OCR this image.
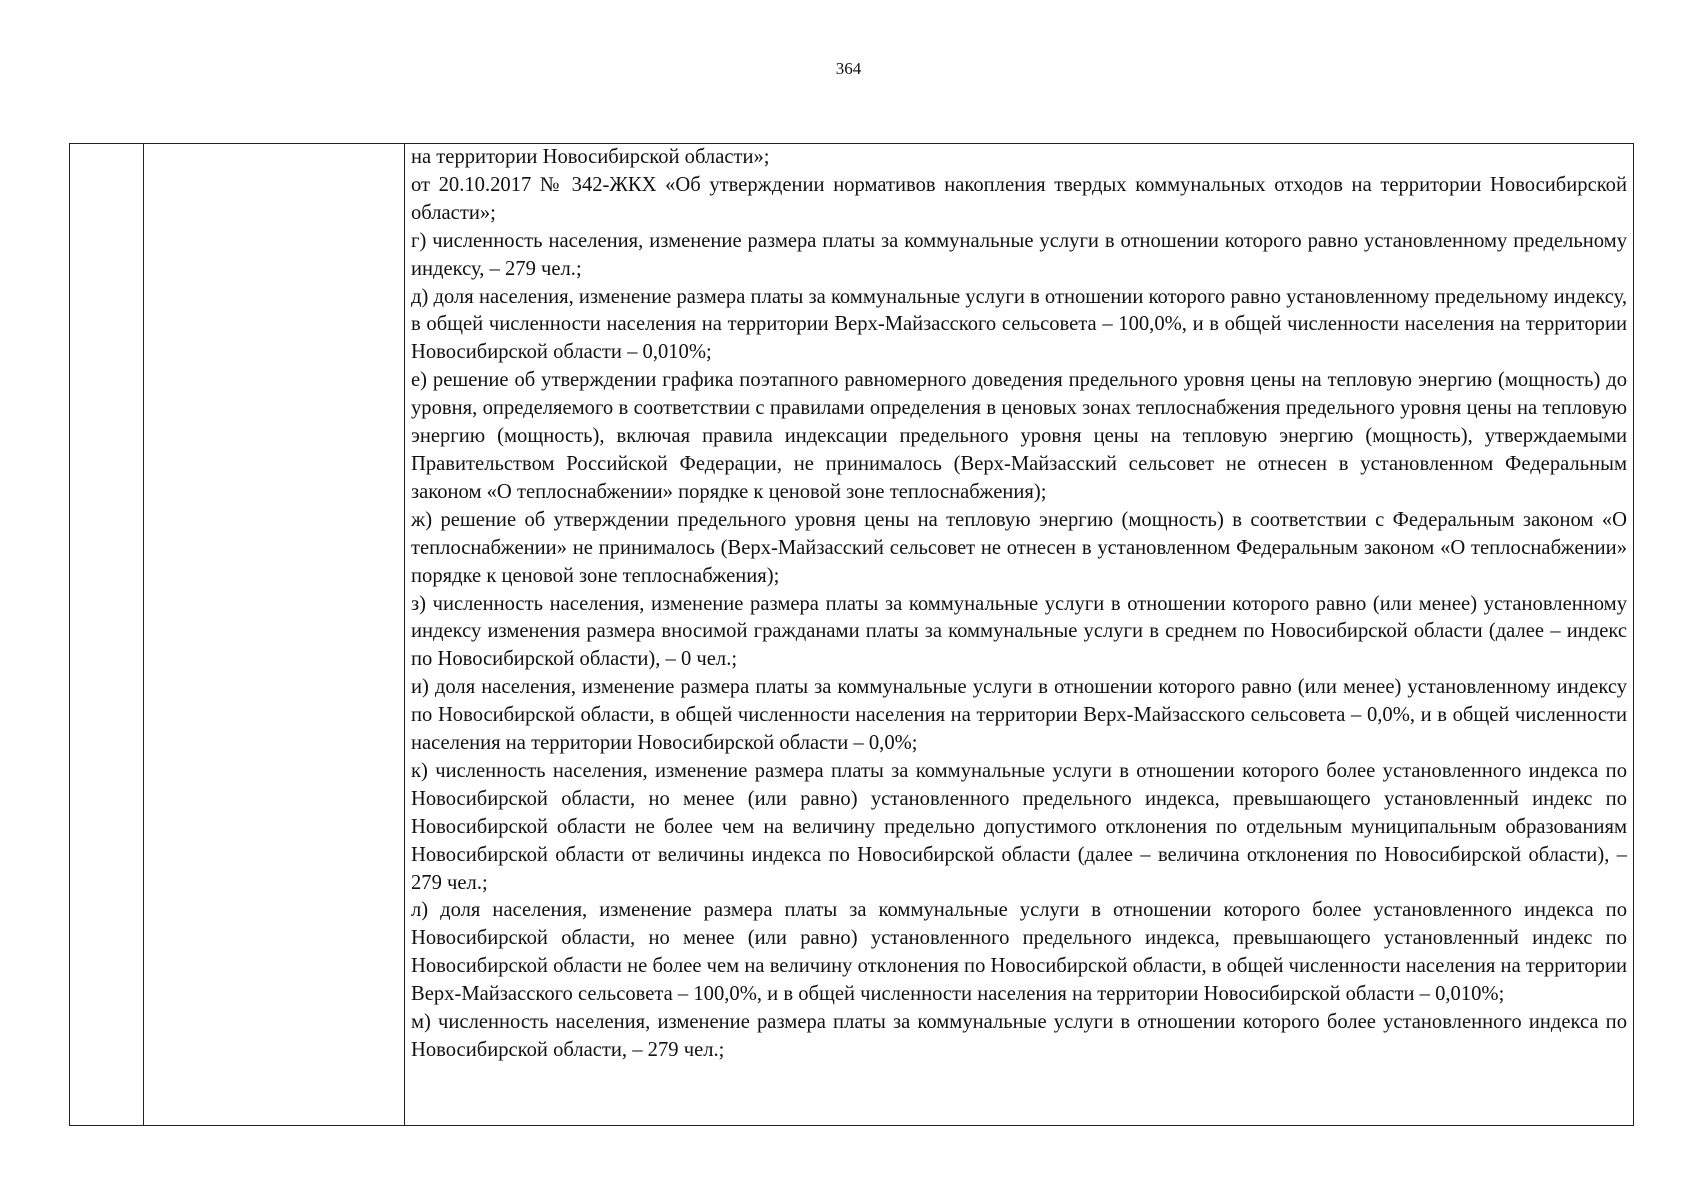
364

на территории Новосибирской области»;

от 20.10.2017 № 342-ЖКХ «Об утверждении нормативов накопления твердых коммунальных отходов на территории Новосибирской области»;

г) численность населения, изменение размера платы за коммунальные услуги в отношении которого равно установленному предельному индексу, – 279 чел.;

д) доля населения, изменение размера платы за коммунальные услуги в отношении которого равно установленному предельному индексу, в общей численности населения на территории Верх-Майзасского сельсовета – 100,0%, и в общей численности населения на территории Новосибирской области – 0,010%;

е) решение об утверждении графика поэтапного равномерного доведения предельного уровня цены на тепловую энергию (мощность) до уровня, определяемого в соответствии с правилами определения в ценовых зонах теплоснабжения предельного уровня цены на тепловую энергию (мощность), включая правила индексации предельного уровня цены на тепловую энергию (мощность), утверждаемыми Правительством Российской Федерации, не принималось (Верх-Майзасский сельсовет не отнесен в установленном Федеральным законом «О теплоснабжении» порядке к ценовой зоне теплоснабжения);

ж) решение об утверждении предельного уровня цены на тепловую энергию (мощность) в соответствии с Федеральным законом «О теплоснабжении» не принималось (Верх-Майзасский сельсовет не отнесен в установленном Федеральным законом «О теплоснабжении» порядке к ценовой зоне теплоснабжения);

з) численность населения, изменение размера платы за коммунальные услуги в отношении которого равно (или менее) установленному индексу изменения размера вносимой гражданами платы за коммунальные услуги в среднем по Новосибирской области (далее – индекс по Новосибирской области), – 0 чел.;

и) доля населения, изменение размера платы за коммунальные услуги в отношении которого равно (или менее) установленному индексу по Новосибирской области, в общей численности населения на территории Верх-Майзасского сельсовета – 0,0%, и в общей численности населения на территории Новосибирской области – 0,0%;

к) численность населения, изменение размера платы за коммунальные услуги в отношении которого более установленного индекса по Новосибирской области, но менее (или равно) установленного предельного индекса, превышающего установленный индекс по Новосибирской области не более чем на величину предельно допустимого отклонения по отдельным муниципальным образованиям Новосибирской области от величины индекса по Новосибирской области (далее – величина отклонения по Новосибирской области), – 279 чел.;

л) доля населения, изменение размера платы за коммунальные услуги в отношении которого более установленного индекса по Новосибирской области, но менее (или равно) установленного предельного индекса, превышающего установленный индекс по Новосибирской области не более чем на величину отклонения по Новосибирской области, в общей численности населения на территории Верх-Майзасского сельсовета – 100,0%, и в общей численности населения на территории Новосибирской области – 0,010%;

м) численность населения, изменение размера платы за коммунальные услуги в отношении которого более установленного индекса по Новосибирской области, – 279 чел.;
